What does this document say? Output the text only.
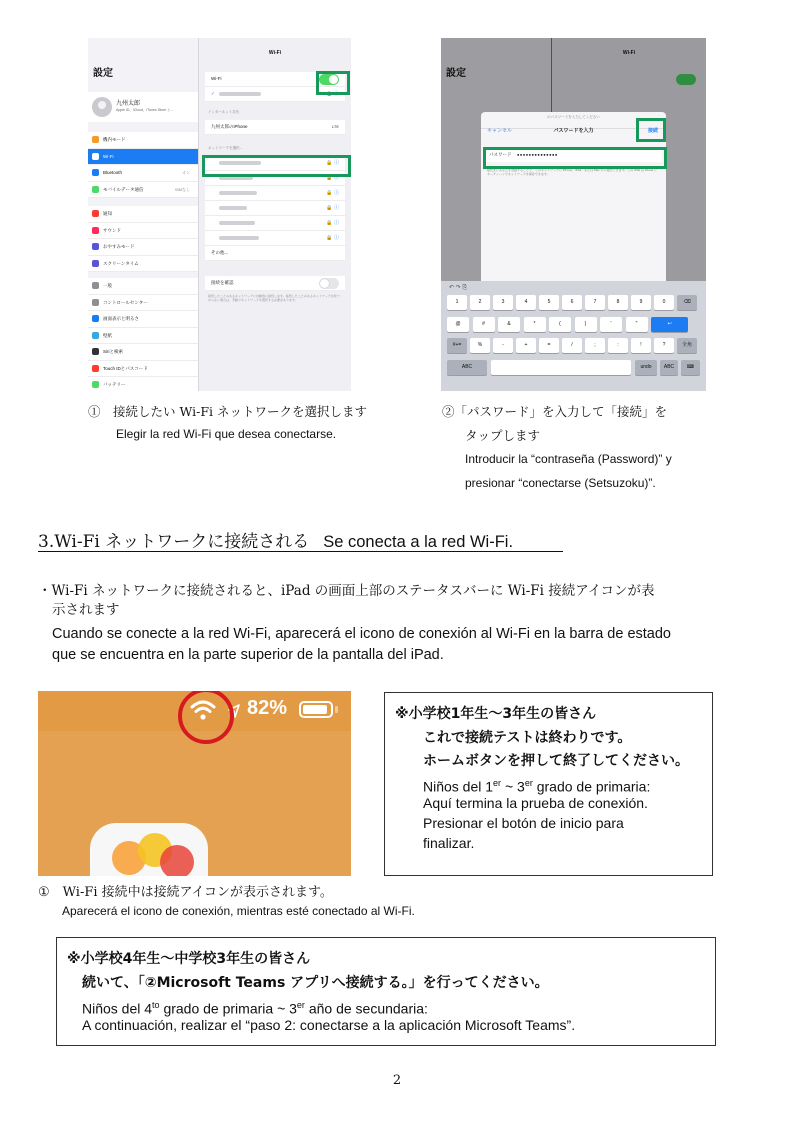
設定
九州太郎
Apple ID、iCloud、iTunes Store と...
機内モード
Wi-Fi
Bluetooth	オン
モバイルデータ通信	SIMなし
通知
サウンド
おやすみモード
スクリーンタイム
一般
コントロールセンター
画面表示と明るさ
壁紙
Siriと検索
Touch IDとパスコード
バッテリー
Wi-Fi
Wi-Fi
✓	🔒 ⓘ
インターネット共有
九州太郎のiPhone	LTE
ネットワークを選択...
🔒 ⓘ
🔒 ⓘ
🔒 ⓘ
🔒 ⓘ
🔒 ⓘ
🔒 ⓘ
その他...
接続を確認
接続したことのあるネットワークに自動的に接続します。接続したことのあるネットワークが見つからない場合は、手動でネットワークを選択する必要があります。
設定
Wi-Fi
のパスワードを入力してください
キャンセル	パスワードを入力	接続
パスワード ●●●●●●●●●●●●●●
接続先にあなたを登録することで、このネットワークに iPhone、iPad、または Mac から接続できます。この iPad は iCloud にキーチェーンでネットワークを保存できます。
↶ ↷ ⎘
1	2	3	4	5	6	7	8	9	0	⌫
@	#	&	*	(	)	'	"	↩
#+=	%	-	+	=	/	;	:	!	?	全角
ABC	undo	ABC	⌨
①　接続したい Wi-Fi ネットワークを選択します
Elegir la red Wi-Fi que desea conectarse.
②「パスワード」を入力して「接続」を
タップします
Introducir la “contraseña (Password)” y
presionar “conectarse (Setsuzoku)”.
3.Wi-Fi ネットワークに接続される Se conecta a la red Wi-Fi.
・Wi-Fi ネットワークに接続されると、iPad の画面上部のステータスバーに Wi-Fi 接続アイコンが表
示されます
Cuando se conecte a la red Wi-Fi, aparecerá el icono de conexión al Wi-Fi en la barra de estado
que se encuentra en la parte superior de la pantalla del iPad.
82%
①　Wi-Fi 接続中は接続アイコンが表示されます。
Aparecerá el icono de conexión, mientras esté conectado al Wi-Fi.
※小学校1年生～3年生の皆さん
これで接続テストは終わりです。
ホームボタンを押して終了してください。
Niños del 1er ~ 3er grado de primaria:
Aquí termina la prueba de conexión.
Presionar el botón de inicio para
finalizar.
※小学校4年生～中学校3年生の皆さん
続いて、「②Microsoft Teams アプリへ接続する。」を行ってください。
Niños del $4^{to}$ grado de primaria ~ 3er año de secundaria:
A continuación, realizar el “paso 2: conectarse a la aplicación Microsoft Teams”.
2
